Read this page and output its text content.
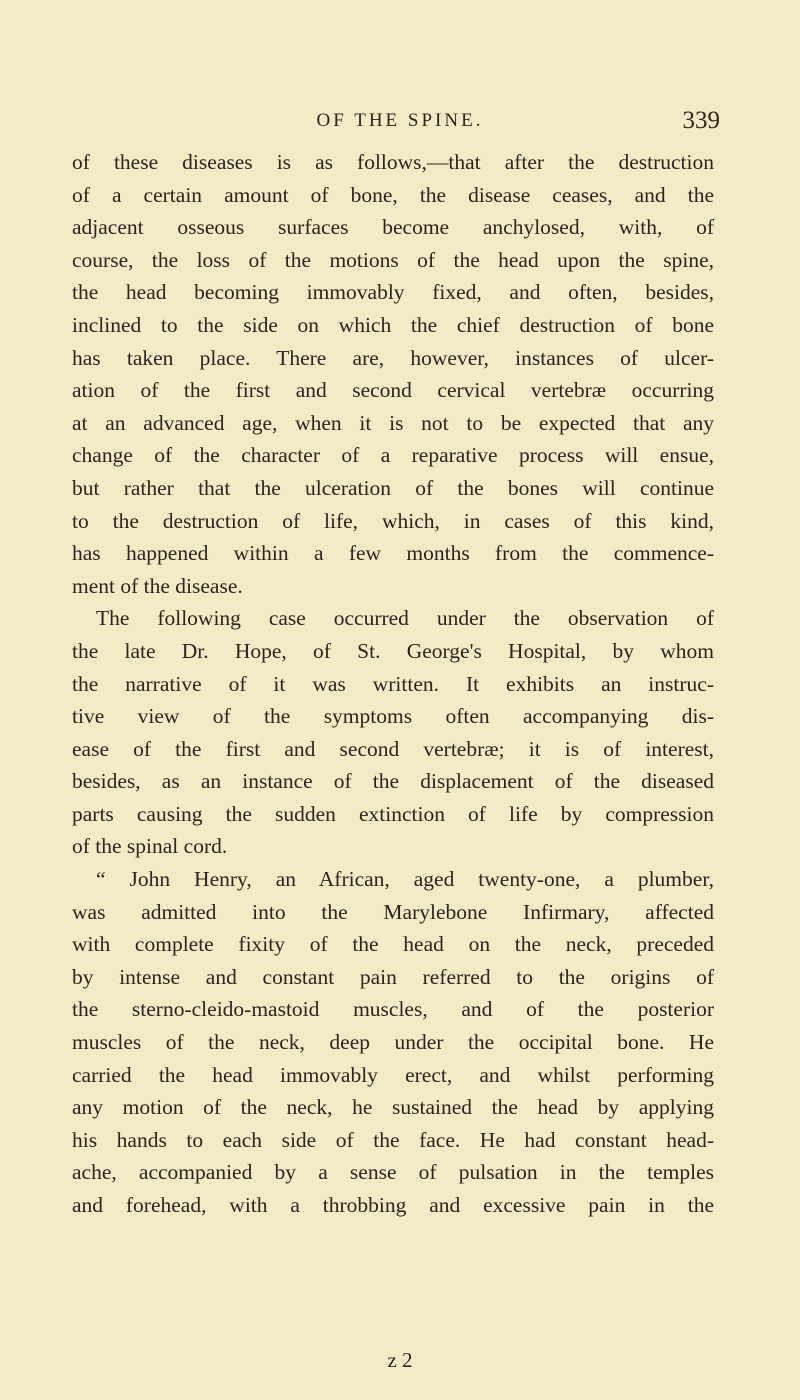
OF THE SPINE.	339
of these diseases is as follows,—that after the destruction
of a certain amount of bone, the disease ceases, and the
adjacent osseous surfaces become anchylosed, with, of
course, the loss of the motions of the head upon the spine,
the head becoming immovably fixed, and often, besides,
inclined to the side on which the chief destruction of bone
has taken place. There are, however, instances of ulcer-
ation of the first and second cervical vertebræ occurring
at an advanced age, when it is not to be expected that any
change of the character of a reparative process will ensue,
but rather that the ulceration of the bones will continue
to the destruction of life, which, in cases of this kind,
has happened within a few months from the commence-
ment of the disease.
The following case occurred under the observation of
the late Dr. Hope, of St. George's Hospital, by whom
the narrative of it was written. It exhibits an instruc-
tive view of the symptoms often accompanying dis-
ease of the first and second vertebræ; it is of interest,
besides, as an instance of the displacement of the diseased
parts causing the sudden extinction of life by compression
of the spinal cord.
“ John Henry, an African, aged twenty-one, a plumber,
was admitted into the Marylebone Infirmary, affected
with complete fixity of the head on the neck, preceded
by intense and constant pain referred to the origins of
the sterno-cleido-mastoid muscles, and of the posterior
muscles of the neck, deep under the occipital bone. He
carried the head immovably erect, and whilst performing
any motion of the neck, he sustained the head by applying
his hands to each side of the face. He had constant head-
ache, accompanied by a sense of pulsation in the temples
and forehead, with a throbbing and excessive pain in the
z 2
